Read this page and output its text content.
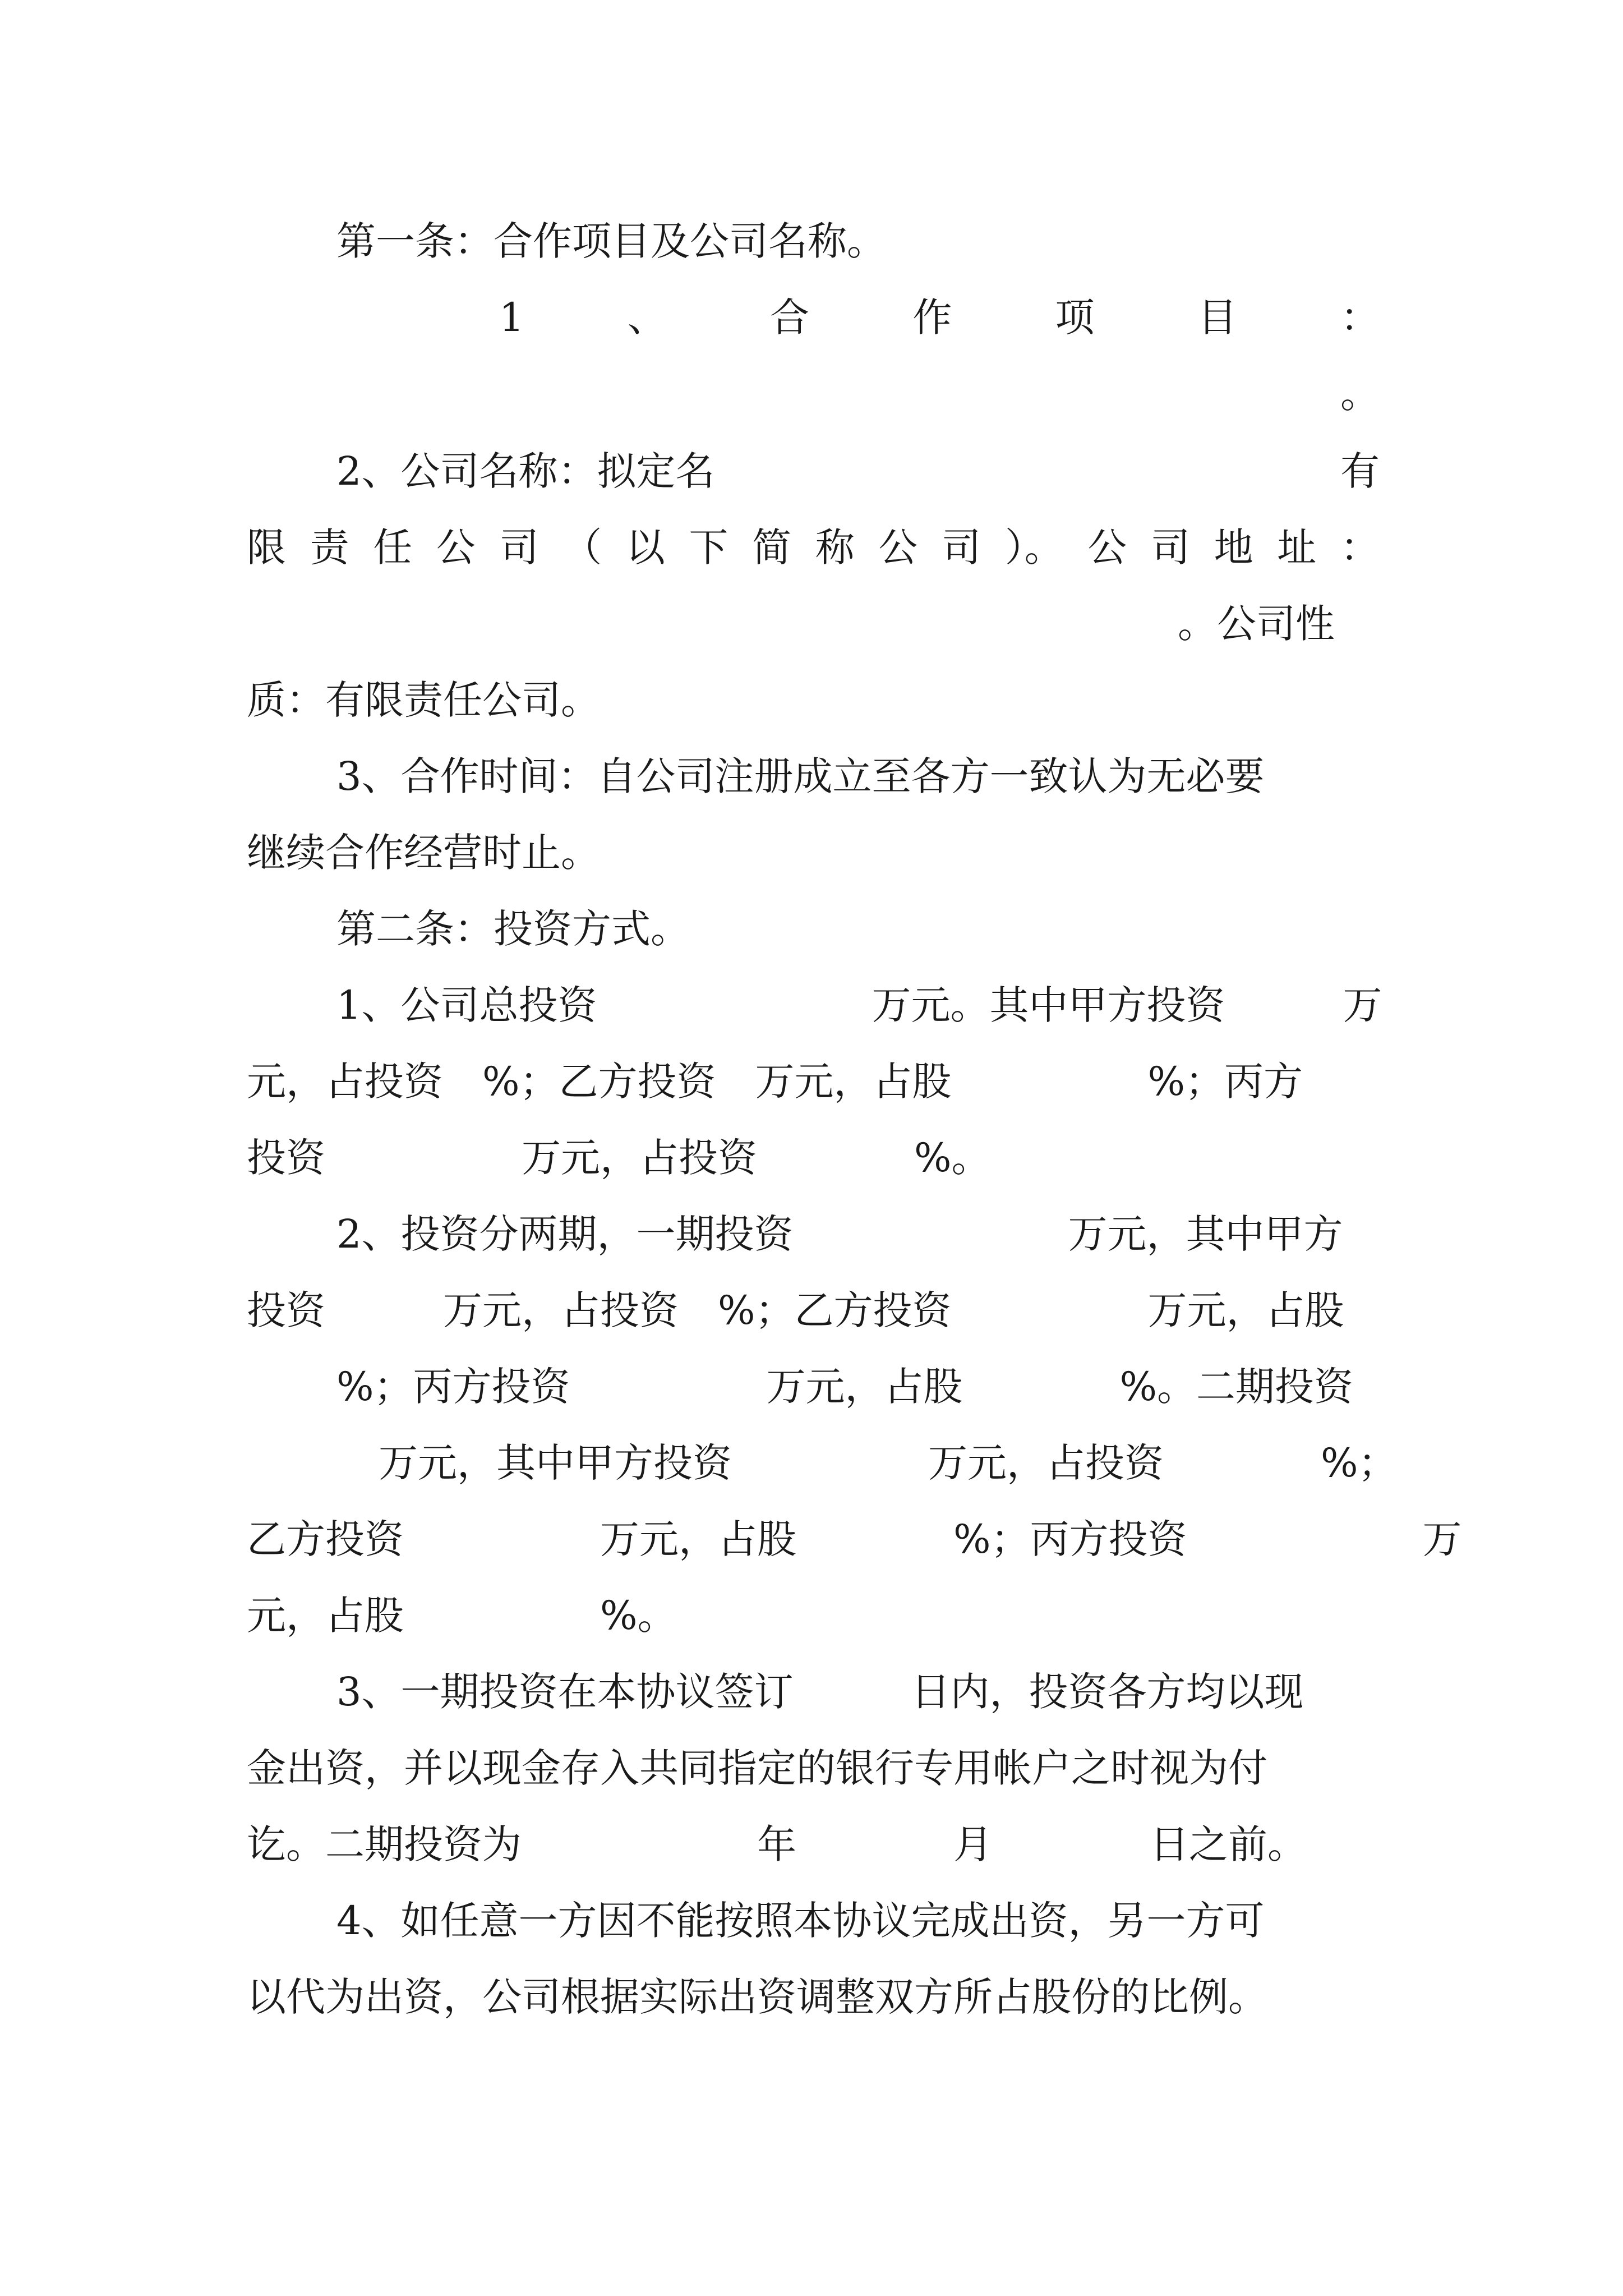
第一条：合作项目及公司名称。

1	、	合	作	项	目	：

。

2、公司名称：拟定名	有

限 责 任 公 司 （ 以 下 简 称 公 司 ）。 公 司 地 址 ：

。公司性

质：有限责任公司。

3、合作时间：自公司注册成立至各方一致认为无必要

继续合作经营时止。

第二条：投资方式。

1、公司总投资　　　　　　　万元。其中甲方投资　　　万

元，占投资　%；乙方投资　万元，占股　　　　　%；丙方

投资　　　　　万元，占投资　　　　%。

2、投资分两期，一期投资　　　　　　　万元，其中甲方

投资　　　万元，占投资　%；乙方投资　　　　　万元，占股

%；丙方投资　　　　　万元，占股　　　　%。二期投资

万元，其中甲方投资　　　　　万元，占投资　　　　%；

乙方投资　　　　　万元，占股　　　　%；丙方投资　　　　　　万

元，占股　　　　　%。

3、一期投资在本协议签订　　　日内，投资各方均以现

金出资，并以现金存入共同指定的银行专用帐户之时视为付

讫。二期投资为　　　　　　年　　　　月　　　　日之前。

4、如任意一方因不能按照本协议完成出资，另一方可

以代为出资，公司根据实际出资调整双方所占股份的比例。
